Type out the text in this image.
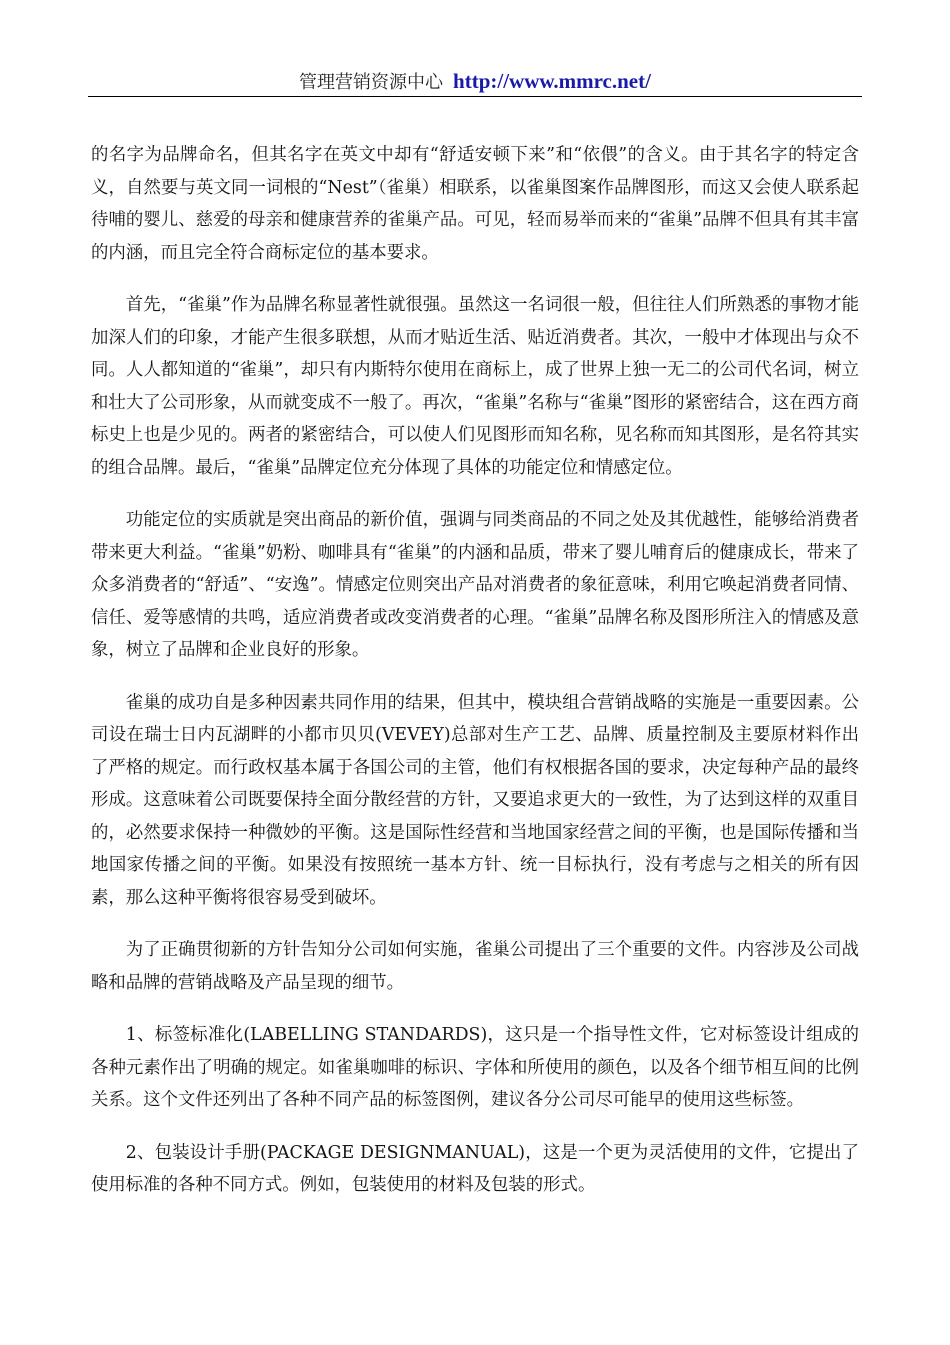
管理营销资源中心 http://www.mmrc.net/

的名字为品牌命名，但其名字在英文中却有“舒适安顿下来”和“依偎”的含义。由于其名字的特定含义，自然要与英文同一词根的“Nest”（雀巢）相联系，以雀巢图案作品牌图形，而这又会使人联系起待哺的婴儿、慈爱的母亲和健康营养的雀巢产品。可见，轻而易举而来的“雀巢”品牌不但具有其丰富的内涵，而且完全符合商标定位的基本要求。

首先，“雀巢”作为品牌名称显著性就很强。虽然这一名词很一般，但往往人们所熟悉的事物才能加深人们的印象，才能产生很多联想，从而才贴近生活、贴近消费者。其次，一般中才体现出与众不同。人人都知道的“雀巢”，却只有内斯特尔使用在商标上，成了世界上独一无二的公司代名词，树立和壮大了公司形象，从而就变成不一般了。再次，“雀巢”名称与“雀巢”图形的紧密结合，这在西方商标史上也是少见的。两者的紧密结合，可以使人们见图形而知名称，见名称而知其图形，是名符其实的组合品牌。最后，“雀巢”品牌定位充分体现了具体的功能定位和情感定位。

功能定位的实质就是突出商品的新价值，强调与同类商品的不同之处及其优越性，能够给消费者带来更大利益。“雀巢”奶粉、咖啡具有“雀巢”的内涵和品质，带来了婴儿哺育后的健康成长，带来了众多消费者的“舒适”、“安逸”。情感定位则突出产品对消费者的象征意味，利用它唤起消费者同情、信任、爱等感情的共鸣，适应消费者或改变消费者的心理。“雀巢”品牌名称及图形所注入的情感及意象，树立了品牌和企业良好的形象。

雀巢的成功自是多种因素共同作用的结果，但其中，模块组合营销战略的实施是一重要因素。公司设在瑞士日内瓦湖畔的小都市贝贝(VEVEY)总部对生产工艺、品牌、质量控制及主要原材料作出了严格的规定。而行政权基本属于各国公司的主管，他们有权根据各国的要求，决定每种产品的最终形成。这意味着公司既要保持全面分散经营的方针，又要追求更大的一致性，为了达到这样的双重目的，必然要求保持一种微妙的平衡。这是国际性经营和当地国家经营之间的平衡，也是国际传播和当地国家传播之间的平衡。如果没有按照统一基本方针、统一目标执行，没有考虑与之相关的所有因素，那么这种平衡将很容易受到破坏。

为了正确贯彻新的方针告知分公司如何实施，雀巢公司提出了三个重要的文件。内容涉及公司战略和品牌的营销战略及产品呈现的细节。

1、标签标准化(LABELLING STANDARDS)，这只是一个指导性文件，它对标签设计组成的各种元素作出了明确的规定。如雀巢咖啡的标识、字体和所使用的颜色，以及各个细节相互间的比例关系。这个文件还列出了各种不同产品的标签图例，建议各分公司尽可能早的使用这些标签。

2、包装设计手册(PACKAGE DESIGNMANUAL)，这是一个更为灵活使用的文件，它提出了使用标准的各种不同方式。例如，包装使用的材料及包装的形式。
